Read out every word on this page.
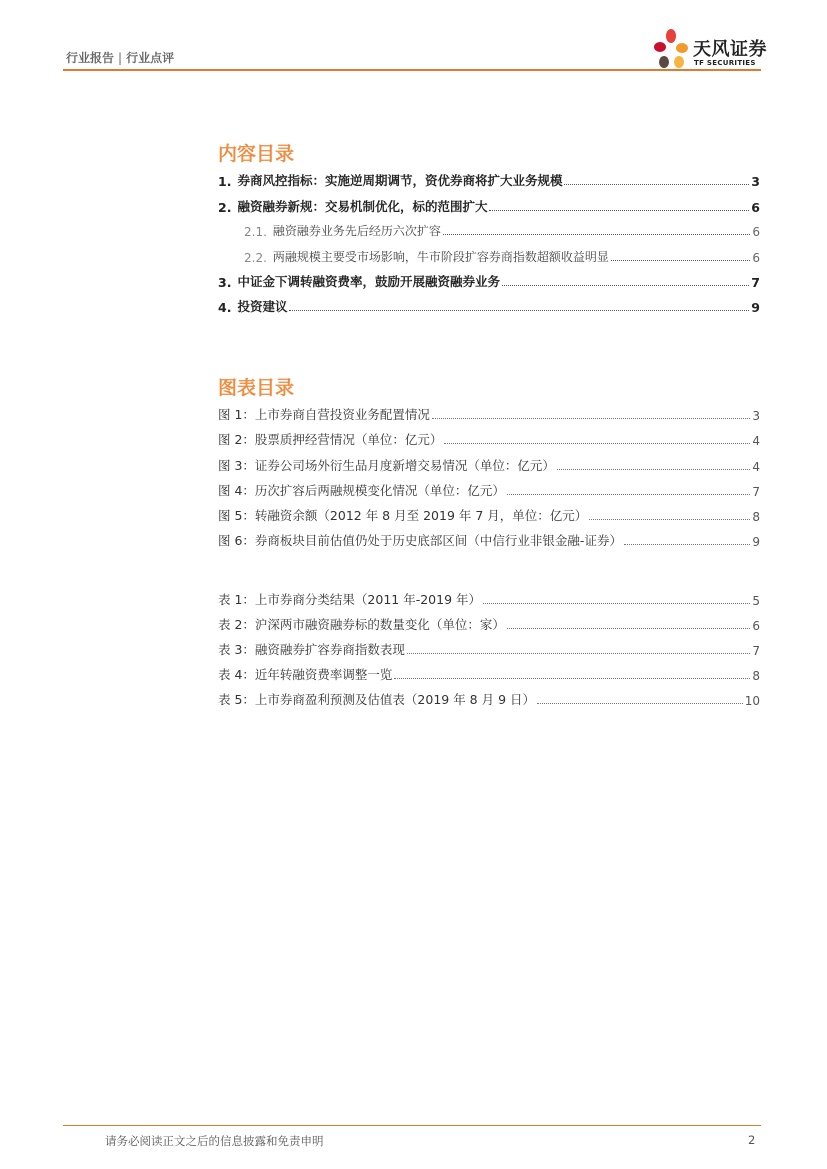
行业报告 | 行业点评	天风证券
TF SECURITIES
内容目录
1. 券商风控指标：实施逆周期调节，资优券商将扩大业务规模	3
2. 融资融券新规：交易机制优化，标的范围扩大	6
2.1. 融资融券业务先后经历六次扩容	6
2.2. 两融规模主要受市场影响，牛市阶段扩容券商指数超额收益明显	6
3. 中证金下调转融资费率，鼓励开展融资融券业务	7
4. 投资建议	9
图表目录
图 1：上市券商自营投资业务配置情况	3
图 2：股票质押经营情况（单位：亿元）	4
图 3：证券公司场外衍生品月度新增交易情况（单位：亿元）	4
图 4：历次扩容后两融规模变化情况（单位：亿元）	7
图 5：转融资余额（2012 年 8 月至 2019 年 7 月，单位：亿元）	8
图 6：券商板块目前估值仍处于历史底部区间（中信行业非银金融-证券）	9
表 1：上市券商分类结果（2011 年-2019 年）	5
表 2：沪深两市融资融券标的数量变化（单位：家）	6
表 3：融资融券扩容券商指数表现	7
表 4：近年转融资费率调整一览	8
表 5：上市券商盈利预测及估值表（2019 年 8 月 9 日）	10
请务必阅读正文之后的信息披露和免责申明	2
